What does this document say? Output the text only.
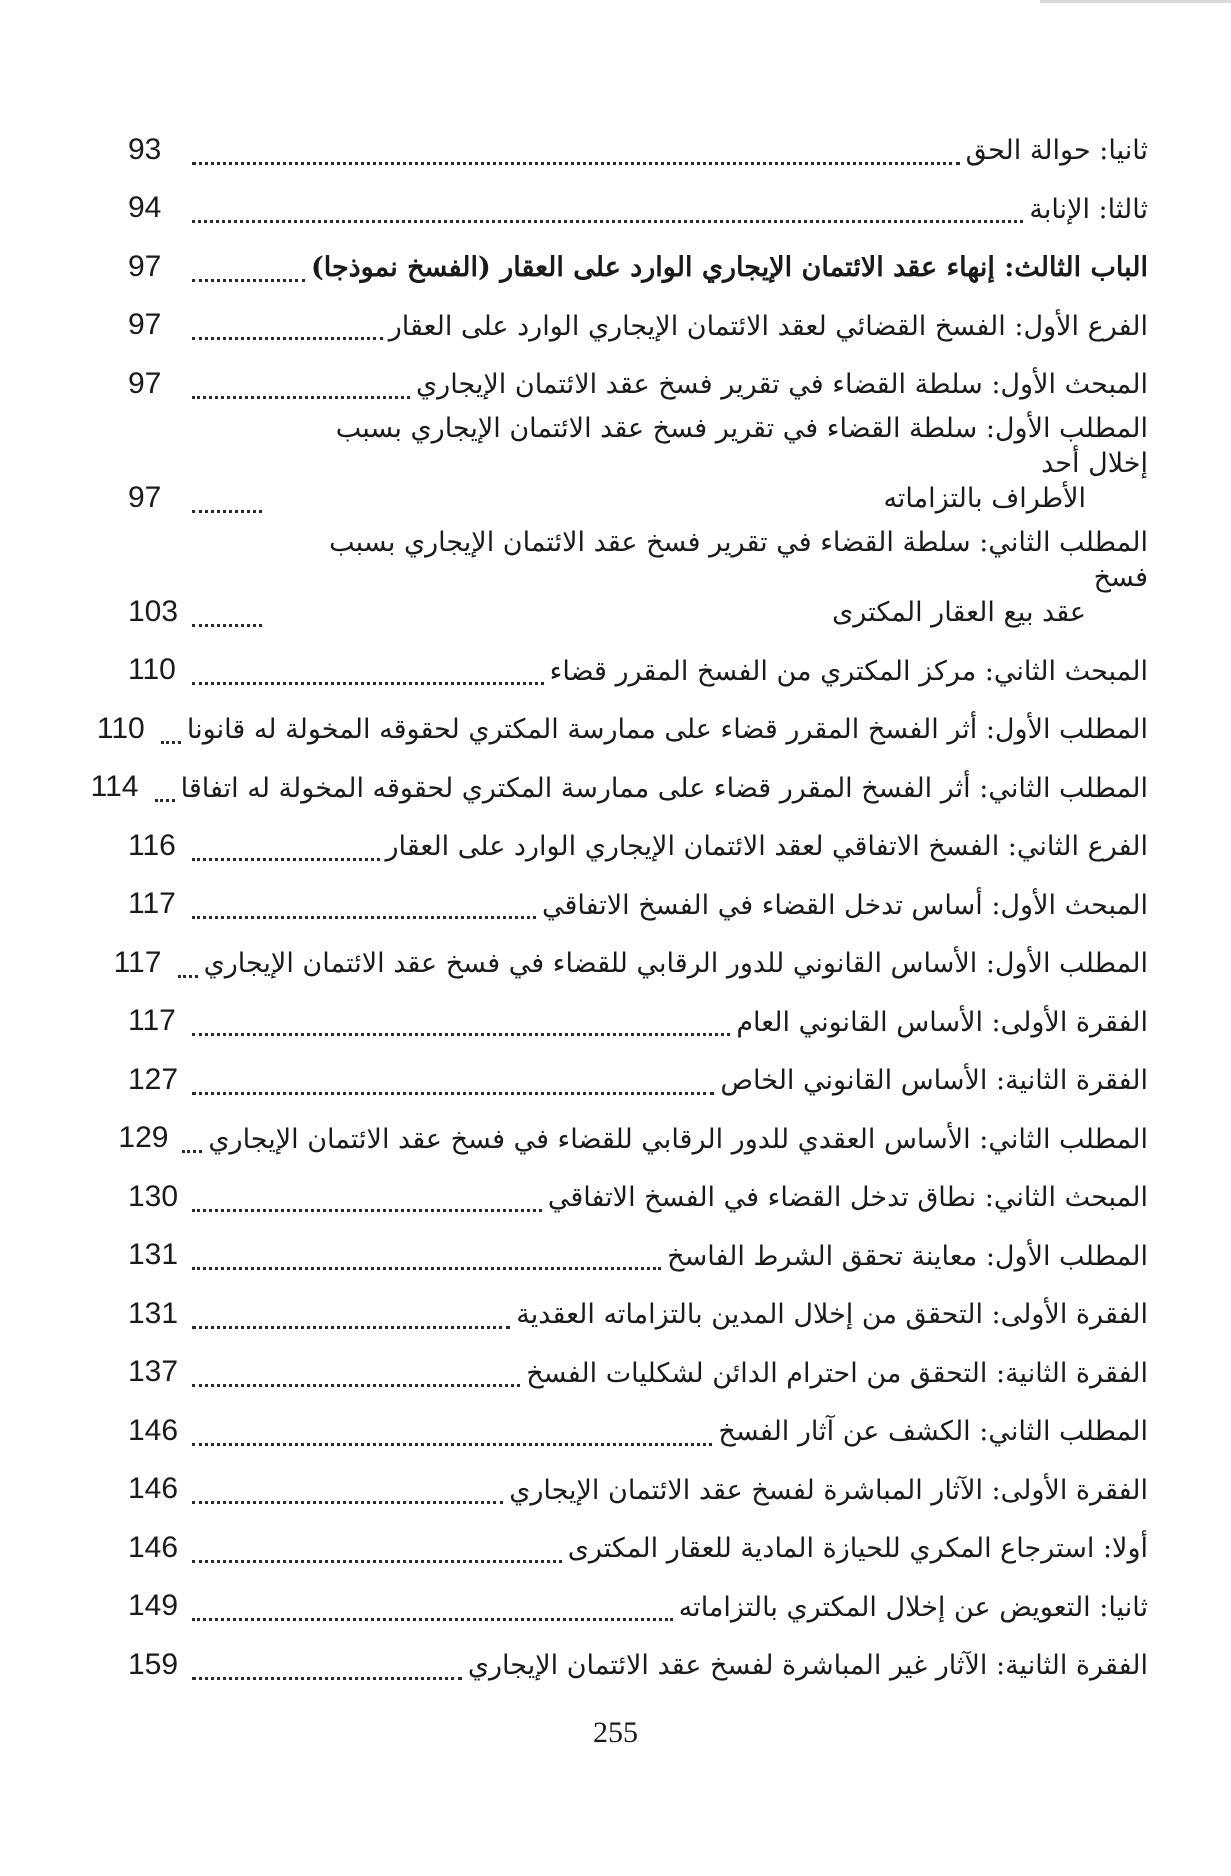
ثانيا: حوالة الحق
93
ثالثا: الإنابة
94
الباب الثالث: إنهاء عقد الائتمان الإيجاري الوارد على العقار (الفسخ نموذجا)
97
الفرع الأول: الفسخ القضائي لعقد الائتمان الإيجاري الوارد على العقار
97
المبحث الأول: سلطة القضاء في تقرير فسخ عقد الائتمان الإيجاري
97
المطلب الأول: سلطة القضاء في تقرير فسخ عقد الائتمان الإيجاري بسبب إخلال أحد
الأطراف بالتزاماته
97
المطلب الثاني: سلطة القضاء في تقرير فسخ عقد الائتمان الإيجاري بسبب فسخ
عقد بيع العقار المكترى
103
المبحث الثاني: مركز المكتري من الفسخ المقرر قضاء
110
المطلب الأول: أثر الفسخ المقرر قضاء على ممارسة المكتري لحقوقه المخولة له قانونا
110
المطلب الثاني: أثر الفسخ المقرر قضاء على ممارسة المكتري لحقوقه المخولة له اتفاقا
114
الفرع الثاني: الفسخ الاتفاقي لعقد الائتمان الإيجاري الوارد على العقار
116
المبحث الأول: أساس تدخل القضاء في الفسخ الاتفاقي
117
المطلب الأول: الأساس القانوني للدور الرقابي للقضاء في فسخ عقد الائتمان الإيجاري
117
الفقرة الأولى: الأساس القانوني العام
117
الفقرة الثانية: الأساس القانوني الخاص
127
المطلب الثاني: الأساس العقدي للدور الرقابي للقضاء في فسخ عقد الائتمان الإيجاري
129
المبحث الثاني: نطاق تدخل القضاء في الفسخ الاتفاقي
130
المطلب الأول: معاينة تحقق الشرط الفاسخ
131
الفقرة الأولى: التحقق من إخلال المدين بالتزاماته العقدية
131
الفقرة الثانية: التحقق من احترام الدائن لشكليات الفسخ
137
المطلب الثاني: الكشف عن آثار الفسخ
146
الفقرة الأولى: الآثار المباشرة لفسخ عقد الائتمان الإيجاري
146
أولا: استرجاع المكري للحيازة المادية للعقار المكترى
146
ثانيا: التعويض عن إخلال المكتري بالتزاماته
149
الفقرة الثانية: الآثار غير المباشرة لفسخ عقد الائتمان الإيجاري
159
255
